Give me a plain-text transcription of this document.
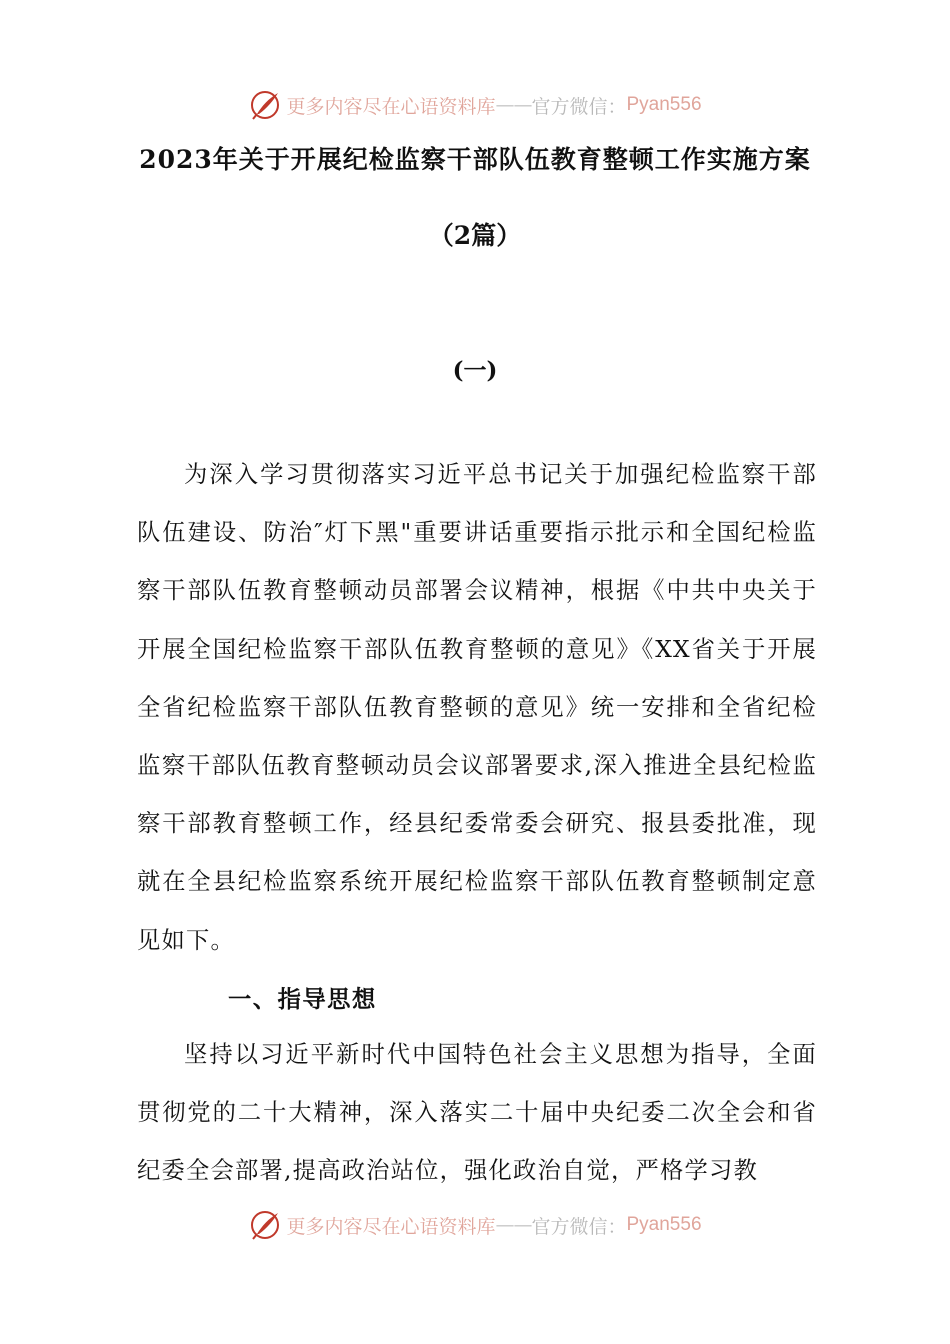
更多内容尽在心语资料库 —— 官方微信： Pyan556
2023年关于开展纪检监察干部队伍教育整顿工作实施方案
（2篇）
(一)

为深入学习贯彻落实习近平总书记关于加强纪检监察干部队伍建设、防治″灯下黑"重要讲话重要指示批示和全国纪检监察干部队伍教育整顿动员部署会议精神，根据《中共中央关于开展全国纪检监察干部队伍教育整顿的意见》《XX省关于开展全省纪检监察干部队伍教育整顿的意见》统一安排和全省纪检监察干部队伍教育整顿动员会议部署要求,深入推进全县纪检监察干部教育整顿工作，经县纪委常委会研究、报县委批准，现就在全县纪检监察系统开展纪检监察干部队伍教育整顿制定意见如下。

一、指导思想

坚持以习近平新时代中国特色社会主义思想为指导，全面贯彻党的二十大精神，深入落实二十届中央纪委二次全会和省纪委全会部署,提高政治站位，强化政治自觉，严格学习教

更多内容尽在心语资料库 —— 官方微信： Pyan556
